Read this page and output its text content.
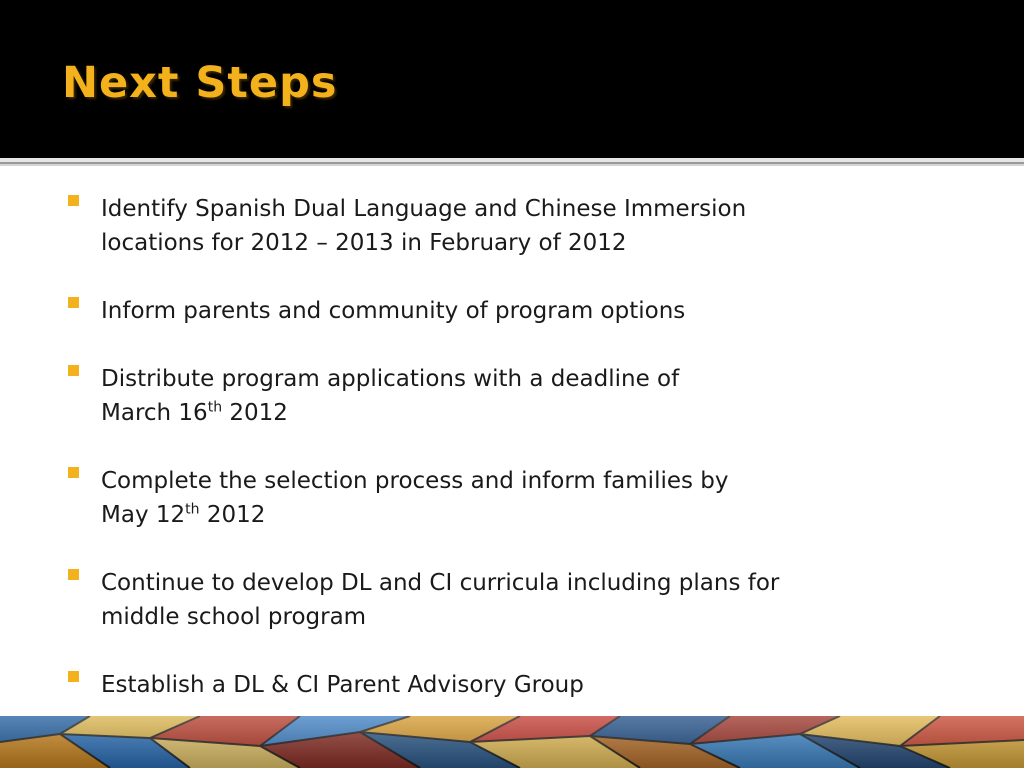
Next Steps
Identify Spanish Dual Language and Chinese Immersion
locations for 2012 – 2013 in February of 2012
Inform parents and community of program options
Distribute program applications with a deadline of
March 16th 2012
Complete the selection process and inform families by
May 12th 2012
Continue to develop DL and CI curricula including plans for
middle school program
Establish a DL & CI Parent Advisory Group
